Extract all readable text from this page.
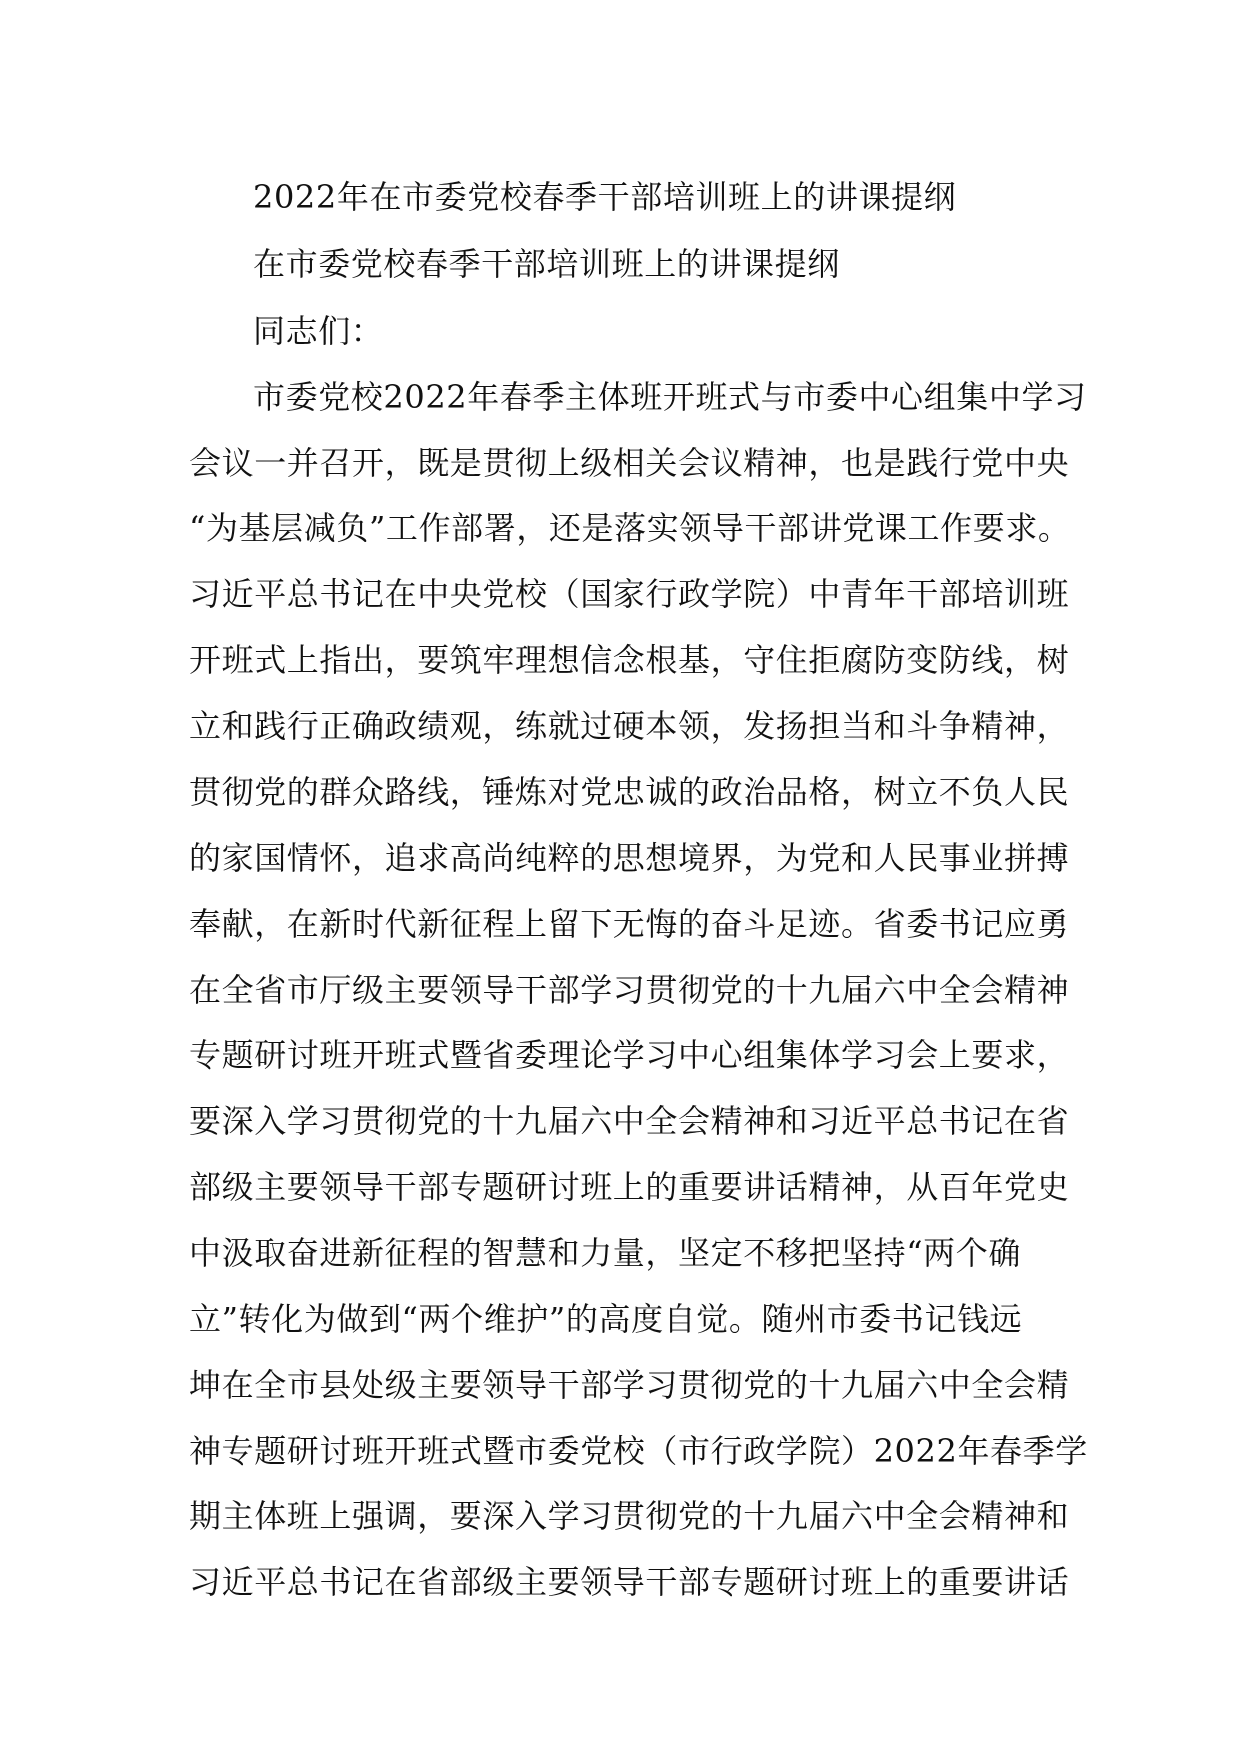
2022年在市委党校春季干部培训班上的讲课提纲
在市委党校春季干部培训班上的讲课提纲
同志们：
市委党校2022年春季主体班开班式与市委中心组集中学习
会议一并召开，既是贯彻上级相关会议精神，也是践行党中央
“为基层减负”工作部署，还是落实领导干部讲党课工作要求。
习近平总书记在中央党校（国家行政学院）中青年干部培训班
开班式上指出，要筑牢理想信念根基，守住拒腐防变防线，树
立和践行正确政绩观，练就过硬本领，发扬担当和斗争精神，
贯彻党的群众路线，锤炼对党忠诚的政治品格，树立不负人民
的家国情怀，追求高尚纯粹的思想境界，为党和人民事业拼搏
奉献，在新时代新征程上留下无悔的奋斗足迹。省委书记应勇
在全省市厅级主要领导干部学习贯彻党的十九届六中全会精神
专题研讨班开班式暨省委理论学习中心组集体学习会上要求，
要深入学习贯彻党的十九届六中全会精神和习近平总书记在省
部级主要领导干部专题研讨班上的重要讲话精神，从百年党史
中汲取奋进新征程的智慧和力量，坚定不移把坚持“两个确
立”转化为做到“两个维护”的高度自觉。随州市委书记钱远
坤在全市县处级主要领导干部学习贯彻党的十九届六中全会精
神专题研讨班开班式暨市委党校（市行政学院）2022年春季学
期主体班上强调，要深入学习贯彻党的十九届六中全会精神和
习近平总书记在省部级主要领导干部专题研讨班上的重要讲话
